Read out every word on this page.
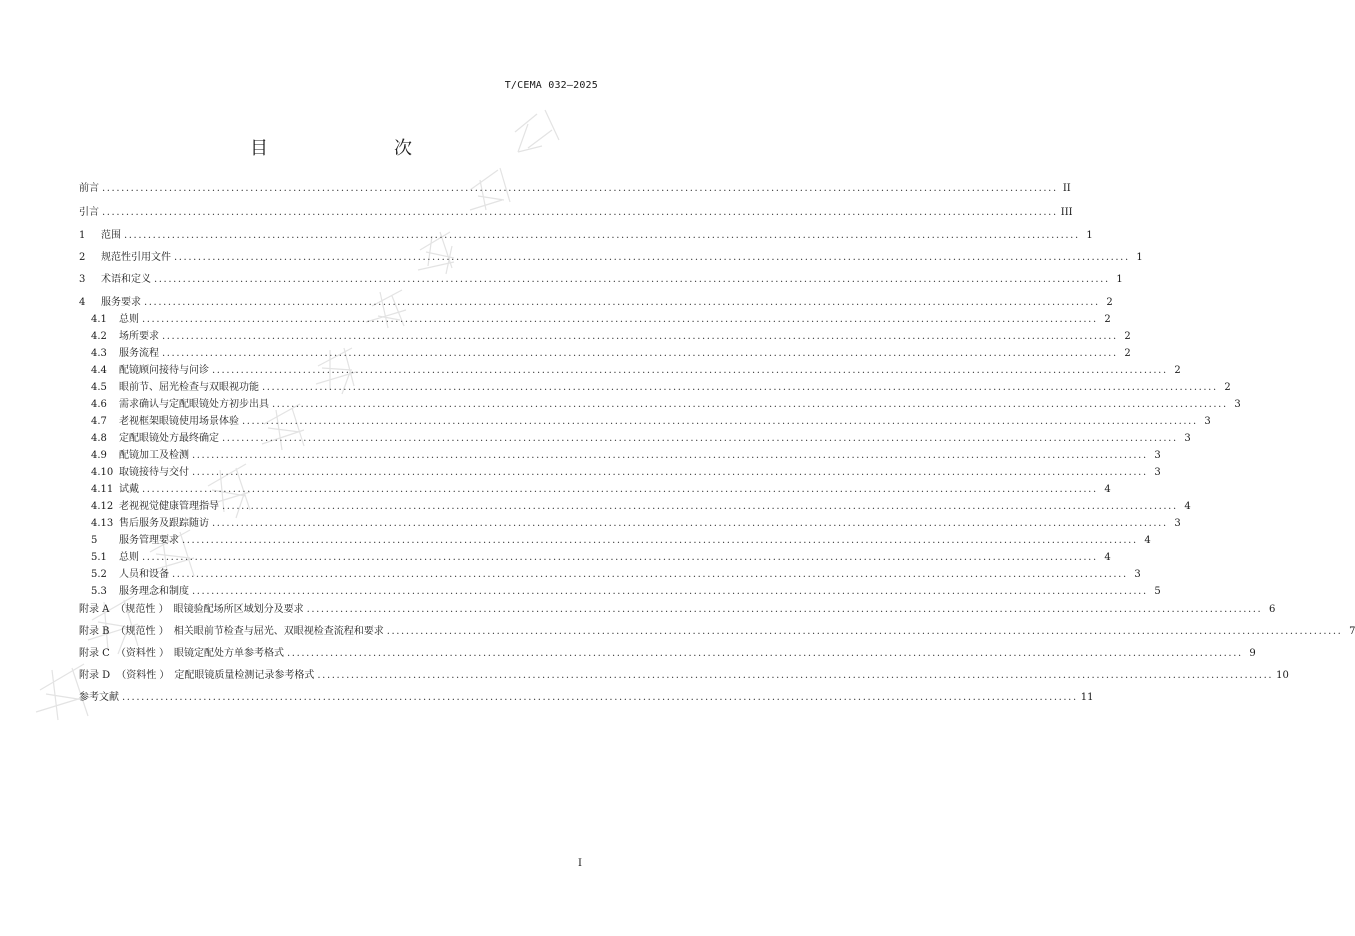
T/CEMA 032—2025
目　　次
前言 ........................................................................................................................................................................................................ II
引言 ........................................................................................................................................................................................................ III
1	范围 ........................................................................................................................................................................................................ 1
2	规范性引用文件 ........................................................................................................................................................................................................ 1
3	术语和定义 ........................................................................................................................................................................................................ 1
4	服务要求 ........................................................................................................................................................................................................ 2
4.1	总则 ........................................................................................................................................................................................................ 2
4.2	场所要求 ........................................................................................................................................................................................................ 2
4.3	服务流程 ........................................................................................................................................................................................................ 2
4.4	配镜顾问接待与问诊 ........................................................................................................................................................................................................ 2
4.5	眼前节、屈光检查与双眼视功能 ........................................................................................................................................................................................................ 2
4.6	需求确认与定配眼镜处方初步出具 ........................................................................................................................................................................................................ 3
4.7	老视框架眼镜使用场景体验 ........................................................................................................................................................................................................ 3
4.8	定配眼镜处方最终确定 ........................................................................................................................................................................................................ 3
4.9	配镜加工及检测 ........................................................................................................................................................................................................ 3
4.10 取镜接待与交付 ........................................................................................................................................................................................................ 3
4.11 试戴 ........................................................................................................................................................................................................ 4
4.12 老视视觉健康管理指导 ........................................................................................................................................................................................................ 4
4.13 售后服务及跟踪随访 ........................................................................................................................................................................................................ 3
5	服务管理要求 ........................................................................................................................................................................................................ 4
5.1	总则 ........................................................................................................................................................................................................ 4
5.2	人员和设备 ........................................................................................................................................................................................................ 3
5.3	服务理念和制度 ........................................................................................................................................................................................................ 5
附录 A （规范性 ）　眼镜验配场所区域划分及要求 ........................................................................................................................................................................................................ 6
附录 B （规范性 ）　相关眼前节检查与屈光、双眼视检查流程和要求 ........................................................................................................................................................................................................ 7
附录 C （资料性 ）　眼镜定配处方单参考格式 ........................................................................................................................................................................................................ 9
附录 D （资料性 ）　定配眼镜质量检测记录参考格式 ........................................................................................................................................................................................................ 10
参考文献 ........................................................................................................................................................................................................ 11
I
